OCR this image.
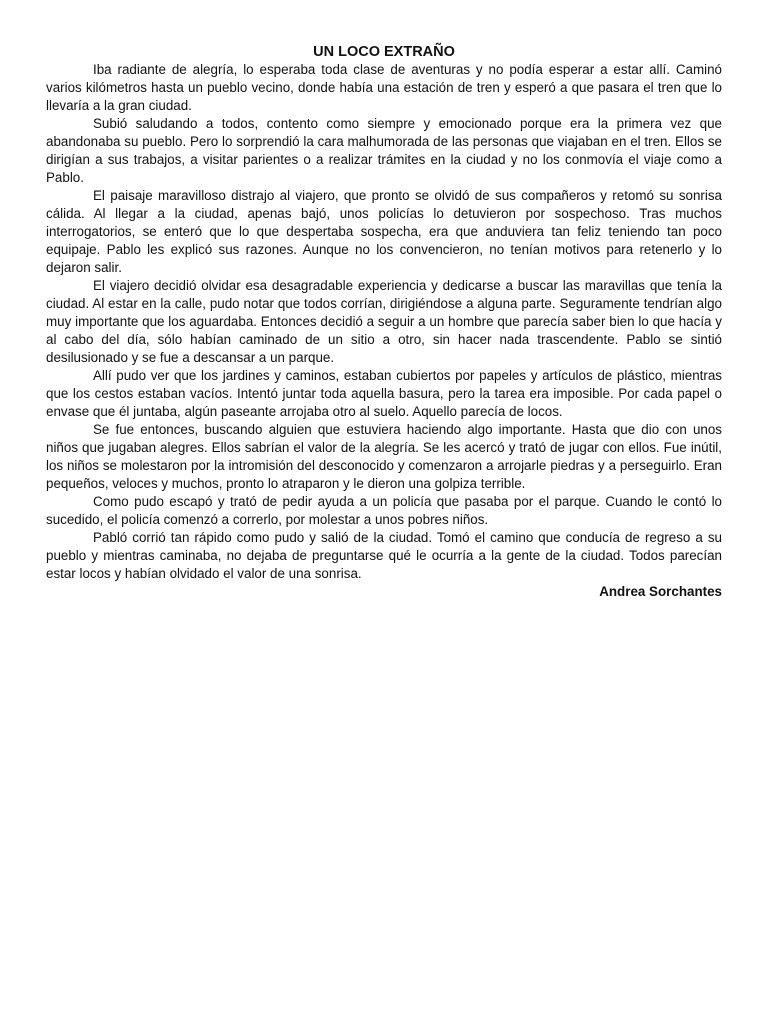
UN LOCO EXTRAÑO

Iba radiante de alegría, lo esperaba toda clase de aventuras y no podía esperar a estar allí. Caminó varios kilómetros hasta un pueblo vecino, donde había una estación de tren y esperó a que pasara el tren que lo llevaría a la gran ciudad.

Subió saludando a todos, contento como siempre y emocionado porque era la primera vez que abandonaba su pueblo. Pero lo sorprendió la cara malhumorada de las personas que viajaban en el tren. Ellos se dirigían a sus trabajos, a visitar parientes o a realizar trámites en la ciudad y no los conmovía el viaje como a Pablo.

El paisaje maravilloso distrajo al viajero, que pronto se olvidó de sus compañeros y retomó su sonrisa cálida. Al llegar a la ciudad, apenas bajó, unos policías lo detuvieron por sospechoso. Tras muchos interrogatorios, se enteró que lo que despertaba sospecha, era que anduviera tan feliz teniendo tan poco equipaje. Pablo les explicó sus razones. Aunque no los convencieron, no tenían motivos para retenerlo y lo dejaron salir.

El viajero decidió olvidar esa desagradable experiencia y dedicarse a buscar las maravillas que tenía la ciudad. Al estar en la calle, pudo notar que todos corrían, dirigiéndose a alguna parte. Seguramente tendrían algo muy importante que los aguardaba. Entonces decidió a seguir a un hombre que parecía saber bien lo que hacía y al cabo del día, sólo habían caminado de un sitio a otro, sin hacer nada trascendente. Pablo se sintió desilusionado y se fue a descansar a un parque.

Allí pudo ver que los jardines y caminos, estaban cubiertos por papeles y artículos de plástico, mientras que los cestos estaban vacíos. Intentó juntar toda aquella basura, pero la tarea era imposible. Por cada papel o envase que él juntaba, algún paseante arrojaba otro al suelo. Aquello parecía de locos.

Se fue entonces, buscando alguien que estuviera haciendo algo importante. Hasta que dio con unos niños que jugaban alegres. Ellos sabrían el valor de la alegría. Se les acercó y trató de jugar con ellos. Fue inútil, los niños se molestaron por la intromisión del desconocido y comenzaron a arrojarle piedras y a perseguirlo. Eran pequeños, veloces y muchos, pronto lo atraparon y le dieron una golpiza terrible.

Como pudo escapó y trató de pedir ayuda a un policía que pasaba por el parque. Cuando le contó lo sucedido, el policía comenzó a correrlo, por molestar a unos pobres niños.

Pabló corrió tan rápido como pudo y salió de la ciudad. Tomó el camino que conducía de regreso a su pueblo y mientras caminaba, no dejaba de preguntarse qué le ocurría a la gente de la ciudad. Todos parecían estar locos y habían olvidado el valor de una sonrisa.

Andrea Sorchantes
